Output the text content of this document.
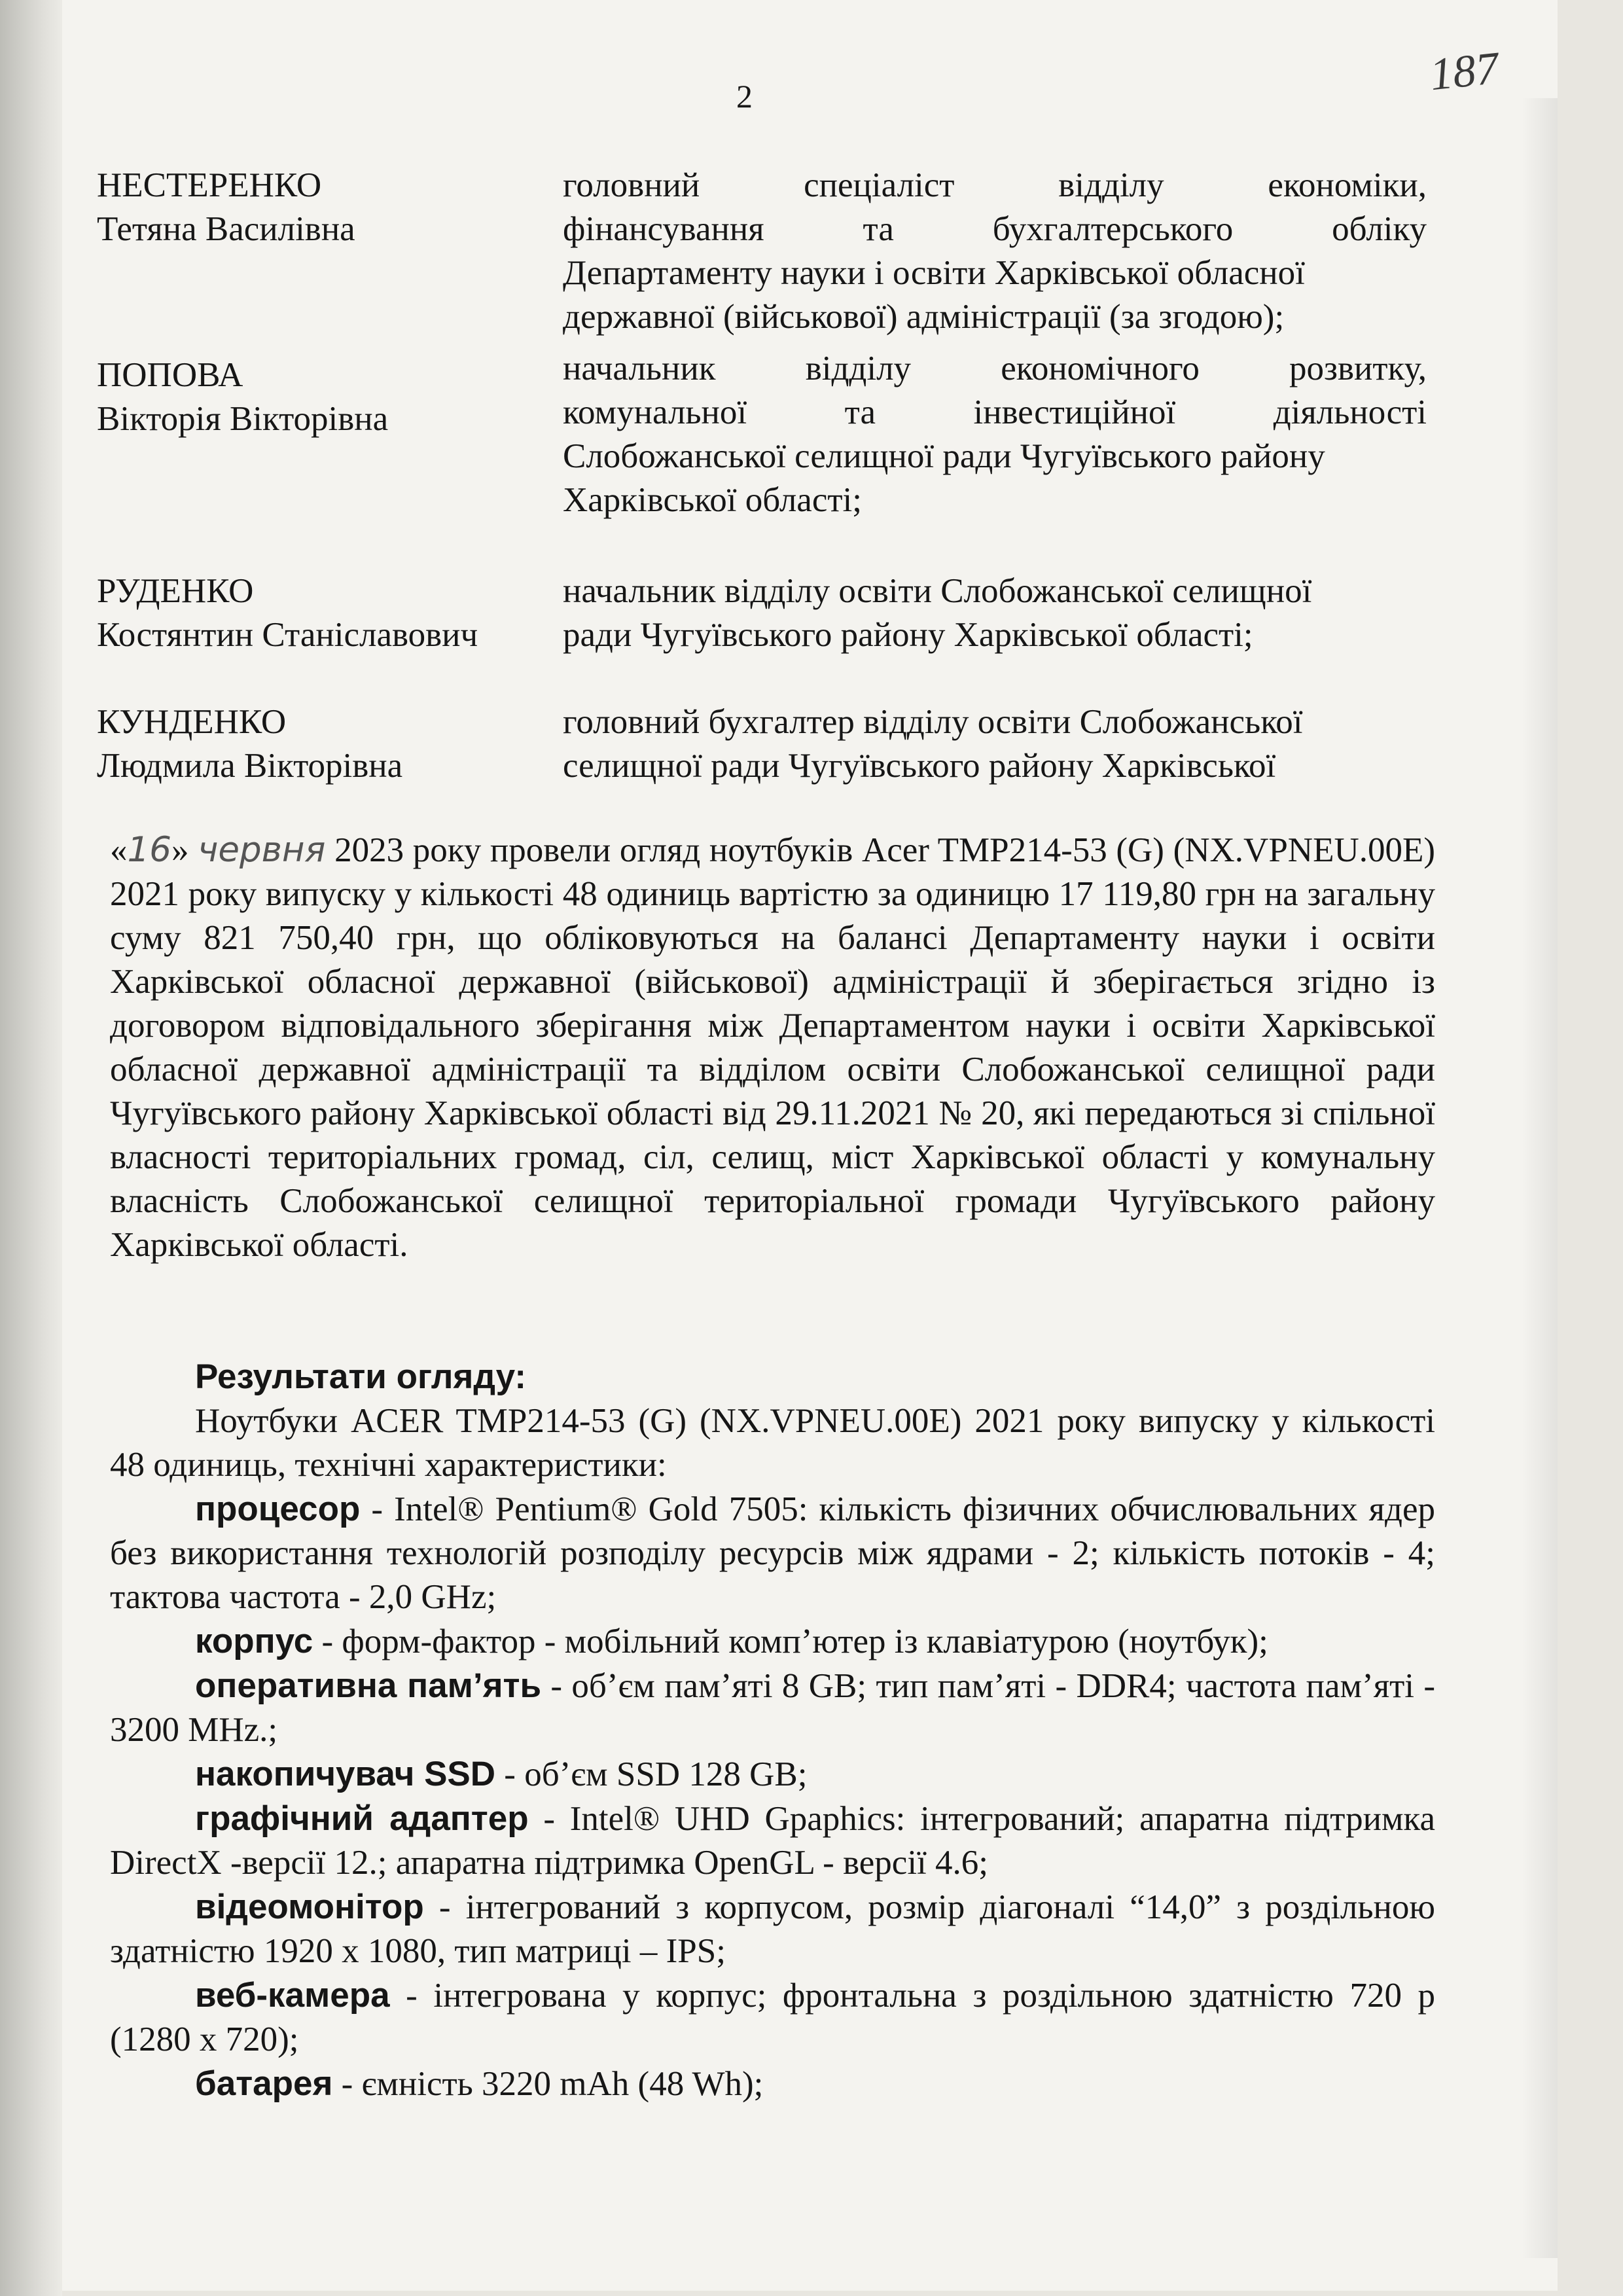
2	187
НЕСТЕРЕНКО
Тетяна Василівна
головний спеціаліст відділу економіки,
фінансування та бухгалтерського обліку
Департаменту науки і освіти Харківської обласної
державної (військової) адміністрації (за згодою);
ПОПОВА
Вікторія Вікторівна
начальник відділу економічного розвитку,
комунальної та інвестиційної діяльності
Слобожанської селищної ради Чугуївського району
Харківської області;
РУДЕНКО
Костянтин Станіславович
начальник відділу освіти Слобожанської селищної
ради Чугуївського району Харківської області;
КУНДЕНКО
Людмила Вікторівна
головний бухгалтер відділу освіти Слобожанської
селищної ради Чугуївського району Харківської

«16» червня 2023 року провели огляд ноутбуків Acer TMP214-53 (G) (NX.VPNEU.00E) 2021 року випуску у кількості 48 одиниць вартістю за одиницю 17 119,80 грн на загальну суму 821 750,40 грн, що обліковуються на балансі Департаменту науки і освіти Харківської обласної державної (військової) адміністрації й зберігається згідно із договором відповідального зберігання між Департаментом науки і освіти Харківської обласної державної адміністрації та відділом освіти Слобожанської селищної ради Чугуївського району Харківської області від 29.11.2021 № 20, які передаються зі спільної власності територіальних громад, сіл, селищ, міст Харківської області у комунальну власність Слобожанської селищної територіальної громади Чугуївського району Харківської області.

Результати огляду:

Ноутбуки ACER TMP214-53 (G) (NX.VPNEU.00E) 2021 року випуску у кількості 48 одиниць, технічні характеристики:

процесор - Intel® Pentium® Gold 7505: кількість фізичних обчислювальних ядер без використання технологій розподілу ресурсів між ядрами - 2; кількість потоків - 4; тактова частота - 2,0 GHz;

корпус - форм-фактор - мобільний комп’ютер із клавіатурою (ноутбук);

оперативна пам’ять - об’єм пам’яті 8 GB; тип пам’яті - DDR4; частота пам’яті - 3200 MHz.;

накопичувач SSD - об’єм SSD 128 GB;

графічний адаптер - Intel® UHD Gpaphics: інтегрований; апаратна підтримка DirectX -версії 12.; апаратна підтримка OpenGL - версії 4.6;

відеомонітор - інтегрований з корпусом, розмір діагоналі “14,0” з роздільною здатністю 1920 x 1080, тип матриці – IPS;

веб-камера - інтегрована у корпус; фронтальна з роздільною здатністю 720 p (1280 x 720);

батарея - ємність 3220 mAh (48 Wh);
